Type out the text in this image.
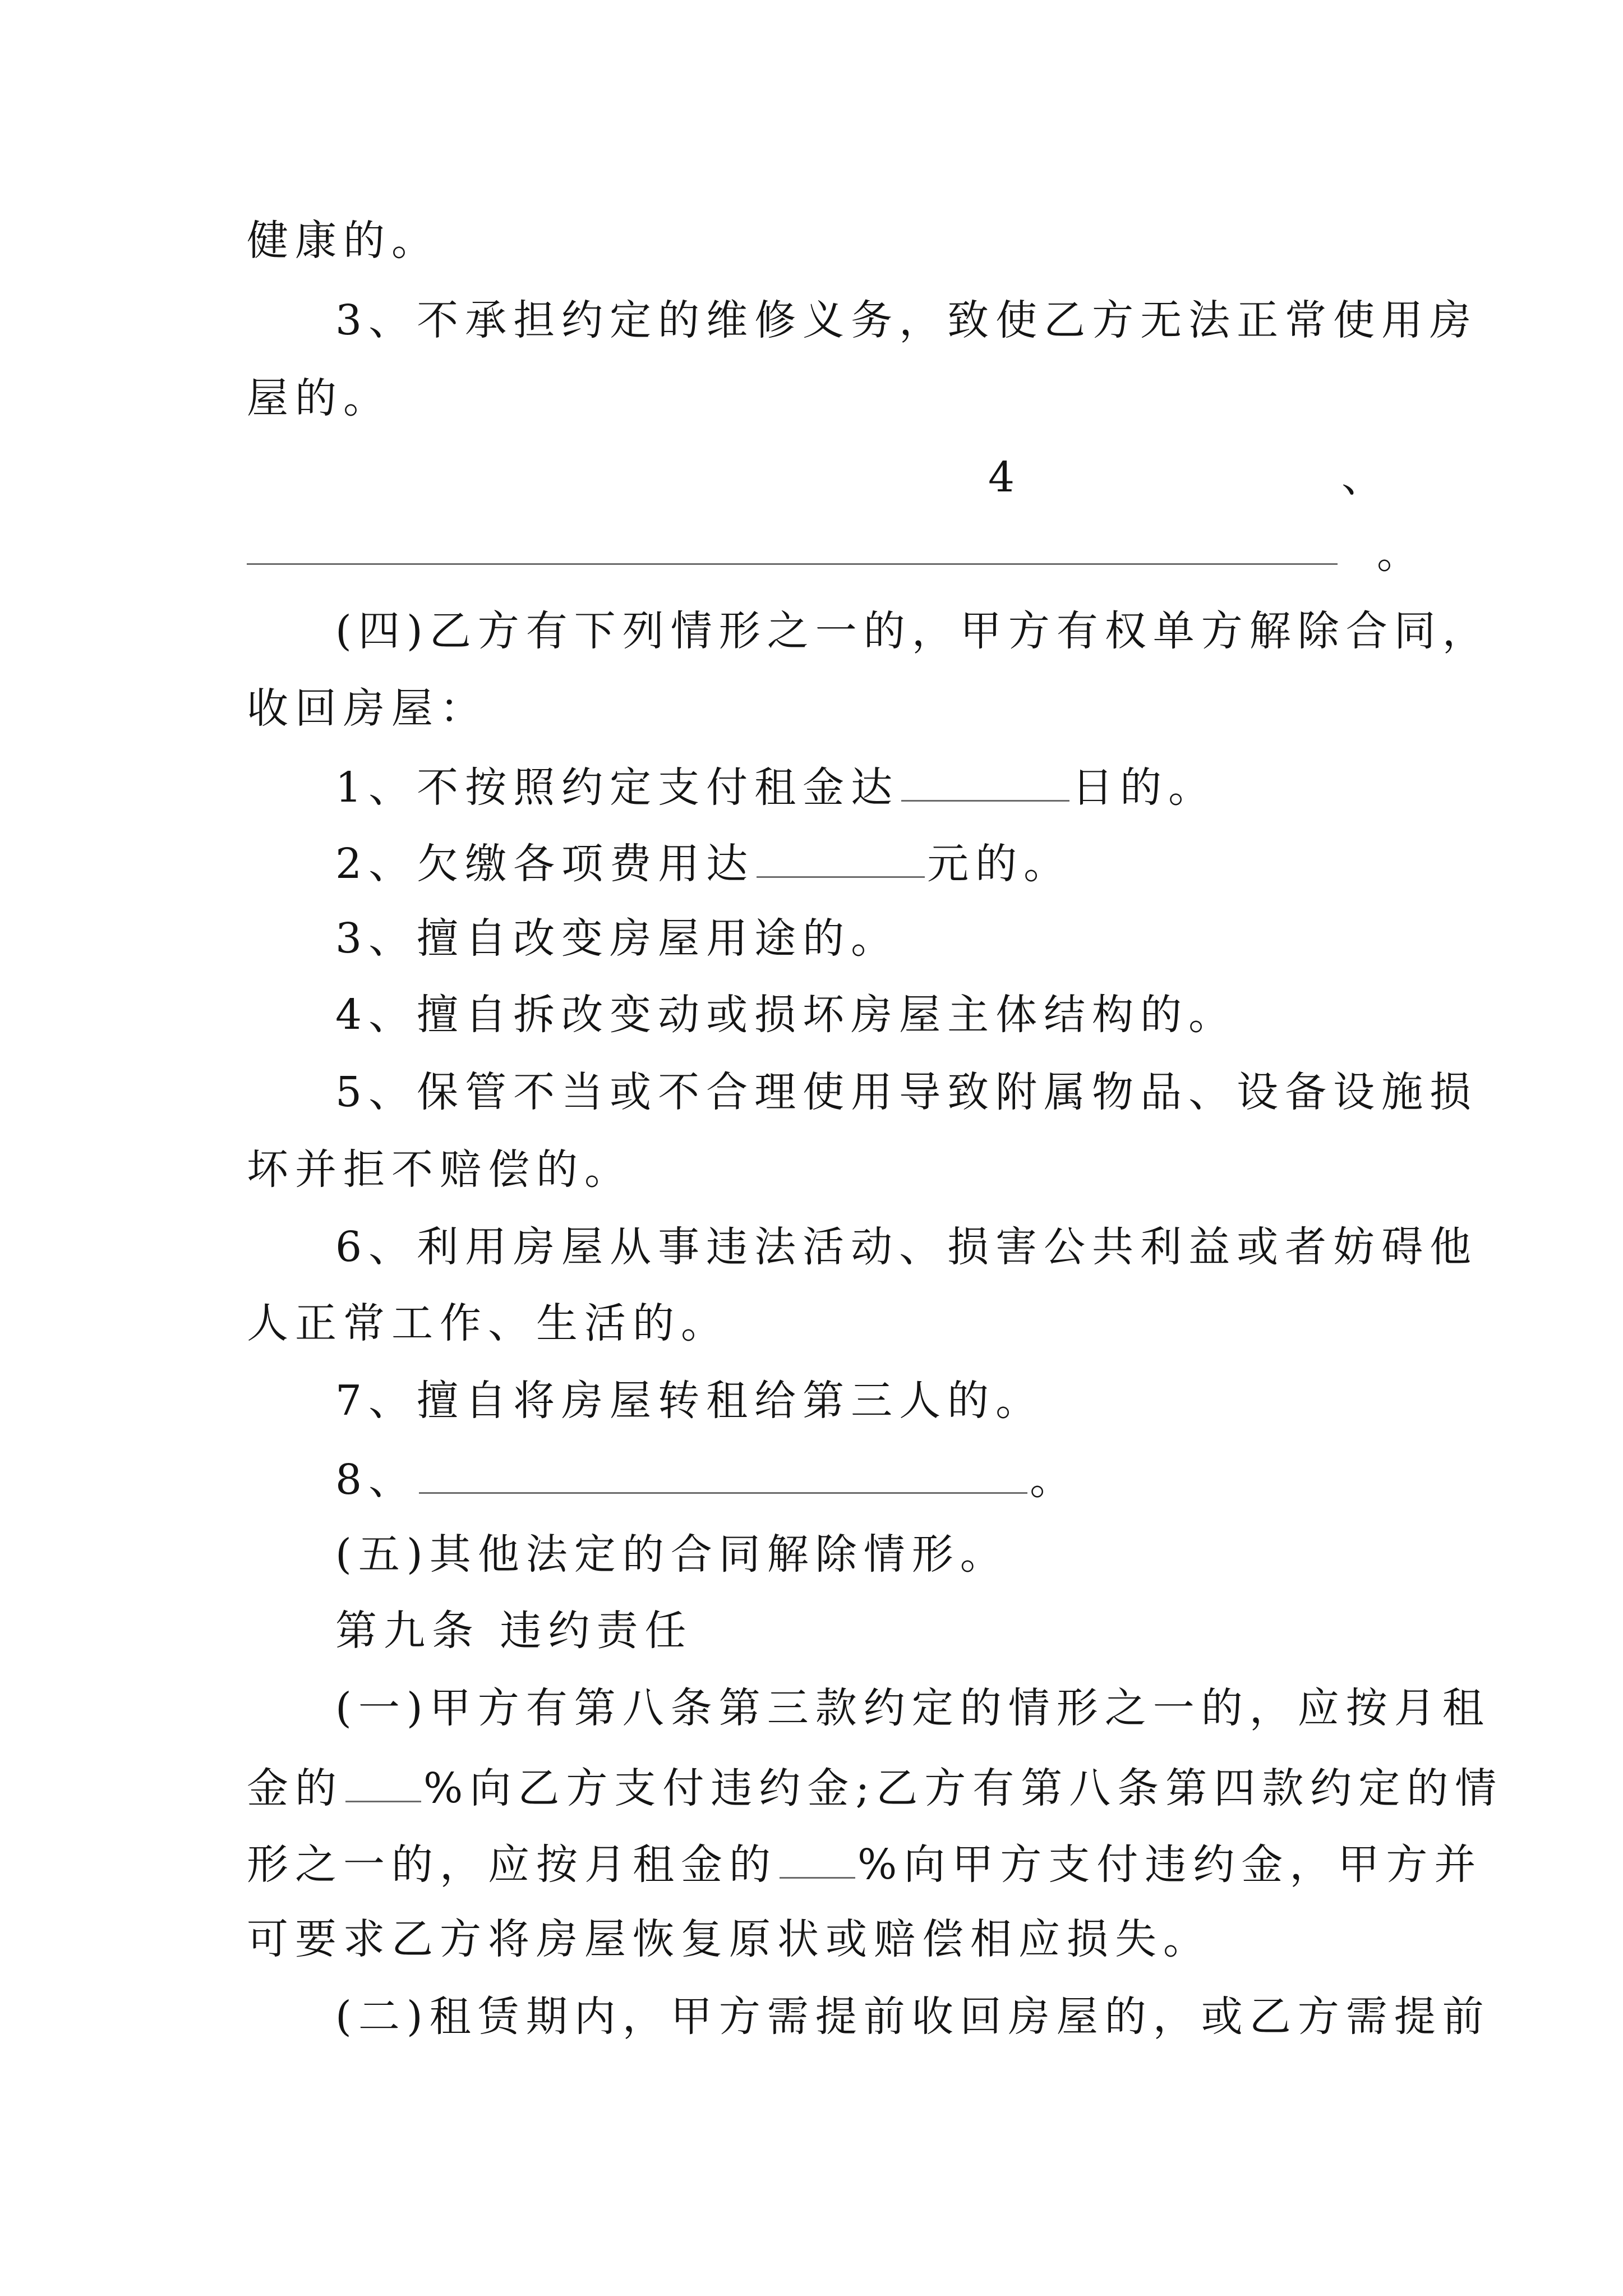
健康的。
3、不承担约定的维修义务，致使乙方无法正常使用房
屋的。
4	、
。
(四)乙方有下列情形之一的，甲方有权单方解除合同，
收回房屋：
1、不按照约定支付租金达	日的。
2、欠缴各项费用达	元的。
3、擅自改变房屋用途的。
4、擅自拆改变动或损坏房屋主体结构的。
5、保管不当或不合理使用导致附属物品、设备设施损
坏并拒不赔偿的。
6、利用房屋从事违法活动、损害公共利益或者妨碍他
人正常工作、生活的。
7、擅自将房屋转租给第三人的。
8、	。
(五)其他法定的合同解除情形。
第九条 违约责任
(一)甲方有第八条第三款约定的情形之一的，应按月租
金的 %向乙方支付违约金;乙方有第八条第四款约定的情
形之一的，应按月租金的 %向甲方支付违约金，甲方并
可要求乙方将房屋恢复原状或赔偿相应损失。
(二)租赁期内，甲方需提前收回房屋的，或乙方需提前
